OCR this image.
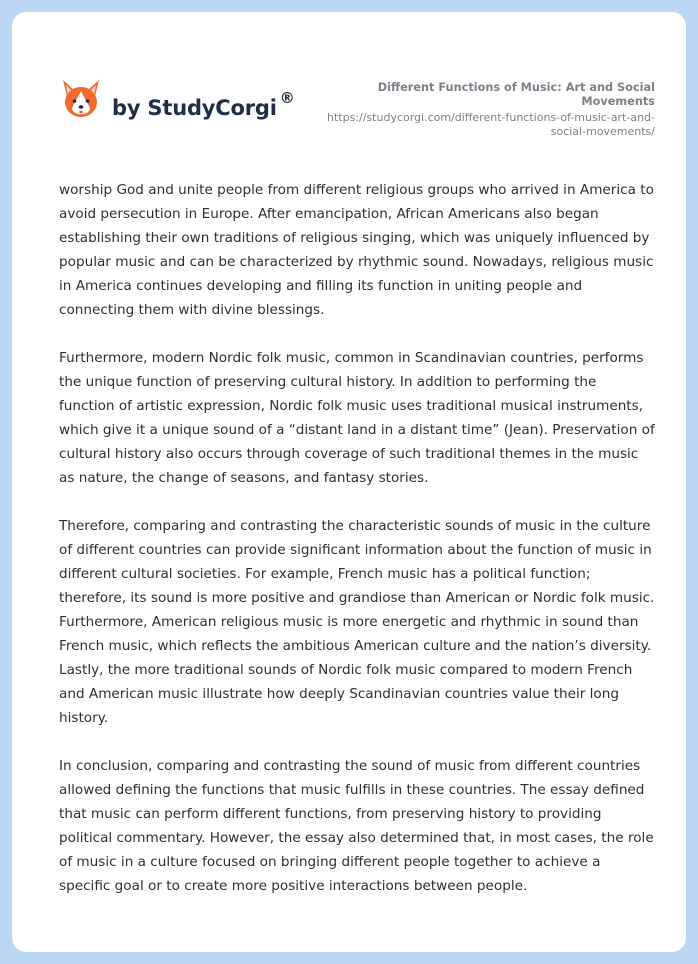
by StudyCorgi ®
Different Functions of Music: Art and Social Movements
https://studycorgi.com/different-functions-of-music-art-and-social-movements/

worship God and unite people from different religious groups who arrived in America to avoid persecution in Europe. After emancipation, African Americans also began establishing their own traditions of religious singing, which was uniquely influenced by popular music and can be characterized by rhythmic sound. Nowadays, religious music in America continues developing and filling its function in uniting people and connecting them with divine blessings.

Furthermore, modern Nordic folk music, common in Scandinavian countries, performs the unique function of preserving cultural history. In addition to performing the function of artistic expression, Nordic folk music uses traditional musical instruments, which give it a unique sound of a “distant land in a distant time” (Jean). Preservation of cultural history also occurs through coverage of such traditional themes in the music as nature, the change of seasons, and fantasy stories.

Therefore, comparing and contrasting the characteristic sounds of music in the culture of different countries can provide significant information about the function of music in different cultural societies. For example, French music has a political function; therefore, its sound is more positive and grandiose than American or Nordic folk music. Furthermore, American religious music is more energetic and rhythmic in sound than French music, which reflects the ambitious American culture and the nation’s diversity. Lastly, the more traditional sounds of Nordic folk music compared to modern French and American music illustrate how deeply Scandinavian countries value their long history.

In conclusion, comparing and contrasting the sound of music from different countries allowed defining the functions that music fulfills in these countries. The essay defined that music can perform different functions, from preserving history to providing political commentary. However, the essay also determined that, in most cases, the role of music in a culture focused on bringing different people together to achieve a specific goal or to create more positive interactions between people.
